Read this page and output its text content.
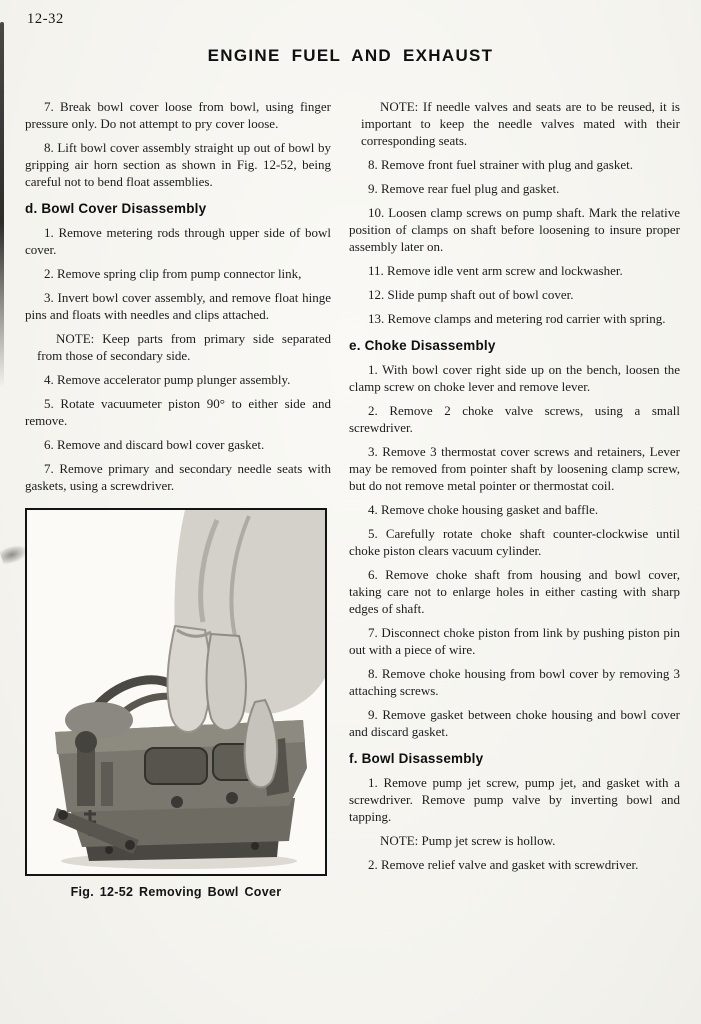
12-32
ENGINE FUEL AND EXHAUST

7. Break bowl cover loose from bowl, using finger pressure only. Do not attempt to pry cover loose.

8. Lift bowl cover assembly straight up out of bowl by gripping air horn section as shown in Fig. 12-52, being careful not to bend float assemblies.

d. Bowl Cover Disassembly

1. Remove metering rods through upper side of bowl cover.

2. Remove spring clip from pump connector link,

3. Invert bowl cover assembly, and remove float hinge pins and floats with needles and clips attached.

NOTE: Keep parts from primary side separated from those of secondary side.

4. Remove accelerator pump plunger assembly.

5. Rotate vacuumeter piston 90° to either side and remove.

6. Remove and discard bowl cover gasket.

7. Remove primary and secondary needle seats with gaskets, using a screwdriver.

Fig. 12-52 Removing Bowl Cover

NOTE: If needle valves and seats are to be reused, it is important to keep the needle valves mated with their corresponding seats.

8. Remove front fuel strainer with plug and gasket.

9. Remove rear fuel plug and gasket.

10. Loosen clamp screws on pump shaft. Mark the relative position of clamps on shaft before loosening to insure proper assembly later on.

11. Remove idle vent arm screw and lockwasher.

12. Slide pump shaft out of bowl cover.

13. Remove clamps and metering rod carrier with spring.

e. Choke Disassembly

1. With bowl cover right side up on the bench, loosen the clamp screw on choke lever and remove lever.

2. Remove 2 choke valve screws, using a small screwdriver.

3. Remove 3 thermostat cover screws and retainers, Lever may be removed from pointer shaft by loosening clamp screw, but do not remove metal pointer or thermostat coil.

4. Remove choke housing gasket and baffle.

5. Carefully rotate choke shaft counter-clockwise until choke piston clears vacuum cylinder.

6. Remove choke shaft from housing and bowl cover, taking care not to enlarge holes in either casting with sharp edges of shaft.

7. Disconnect choke piston from link by pushing piston pin out with a piece of wire.

8. Remove choke housing from bowl cover by removing 3 attaching screws.

9. Remove gasket between choke housing and bowl cover and discard gasket.

f. Bowl Disassembly

1. Remove pump jet screw, pump jet, and gasket with a screwdriver. Remove pump valve by inverting bowl and tapping.

NOTE: Pump jet screw is hollow.

2. Remove relief valve and gasket with screwdriver.
